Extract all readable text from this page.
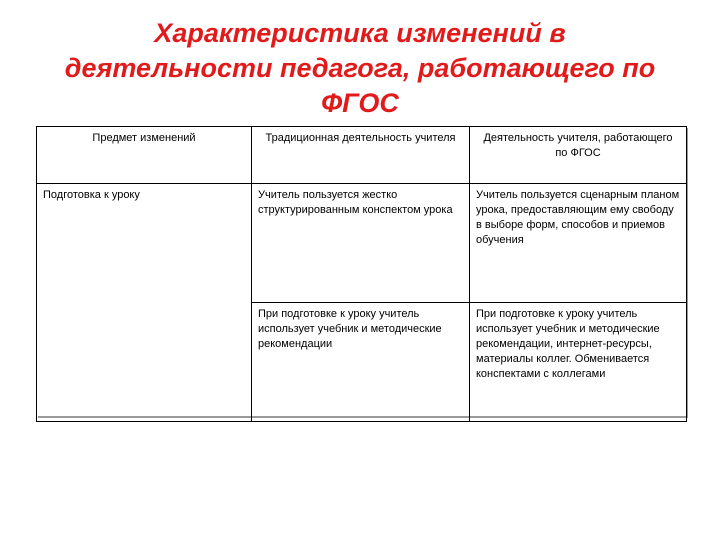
Характеристика изменений в
деятельности педагога, работающего по
ФГОС
Предмет изменений	Традиционная деятельность учителя	Деятельность учителя, работающего по ФГОС
Подготовка к уроку	Учитель пользуется жестко структурированным конспектом урока	Учитель пользуется сценарным планом урока, предоставляющим ему свободу в выборе форм, способов и приемов обучения
	При подготовке к уроку учитель использует учебник и методические рекомендации	При подготовке к уроку учитель использует учебник и методические рекомендации, интернет-ресурсы, материалы коллег. Обменивается конспектами с коллегами
